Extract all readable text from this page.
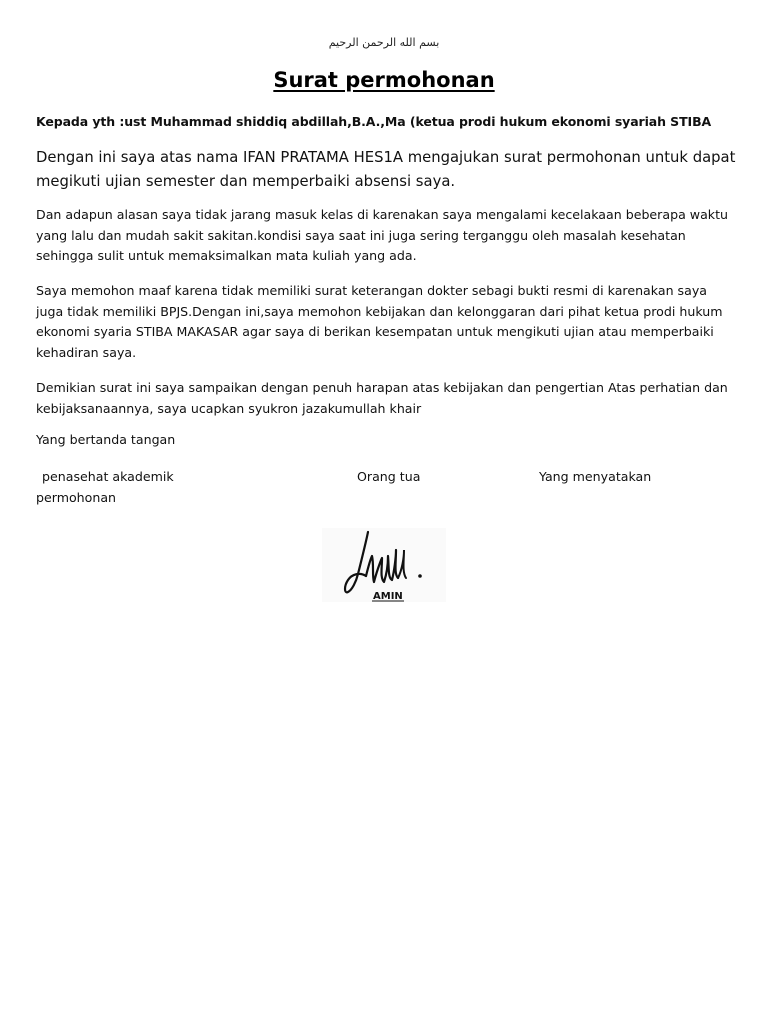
بسم الله الرحمن الرحيم
Surat permohonan

Kepada yth :ust Muhammad shiddiq abdillah,B.A.,Ma (ketua prodi hukum ekonomi syariah STIBA

Dengan ini saya atas nama IFAN PRATAMA HES1A mengajukan surat permohonan untuk dapat megikuti ujian semester dan memperbaiki absensi saya.

Dan adapun alasan saya tidak jarang masuk kelas di karenakan saya mengalami kecelakaan beberapa waktu yang lalu dan mudah sakit sakitan.kondisi saya saat ini juga sering terganggu oleh masalah kesehatan sehingga sulit untuk memaksimalkan mata kuliah yang ada.

Saya memohon maaf karena tidak memiliki surat keterangan dokter sebagi bukti resmi di karenakan saya juga tidak memiliki BPJS.Dengan ini,saya memohon kebijakan dan kelonggaran dari pihat ketua prodi hukum ekonomi syaria STIBA MAKASAR agar saya di berikan kesempatan untuk mengikuti ujian atau memperbaiki kehadiran saya.

Demikian surat ini saya sampaikan dengan penuh harapan atas kebijakan dan pengertian Atas perhatian dan kebijaksanaannya, saya ucapkan syukron jazakumullah khair

Yang bertanda tangan

penasehat akademik	Orang tua	Yang menyatakan
permohonan
AMIN
